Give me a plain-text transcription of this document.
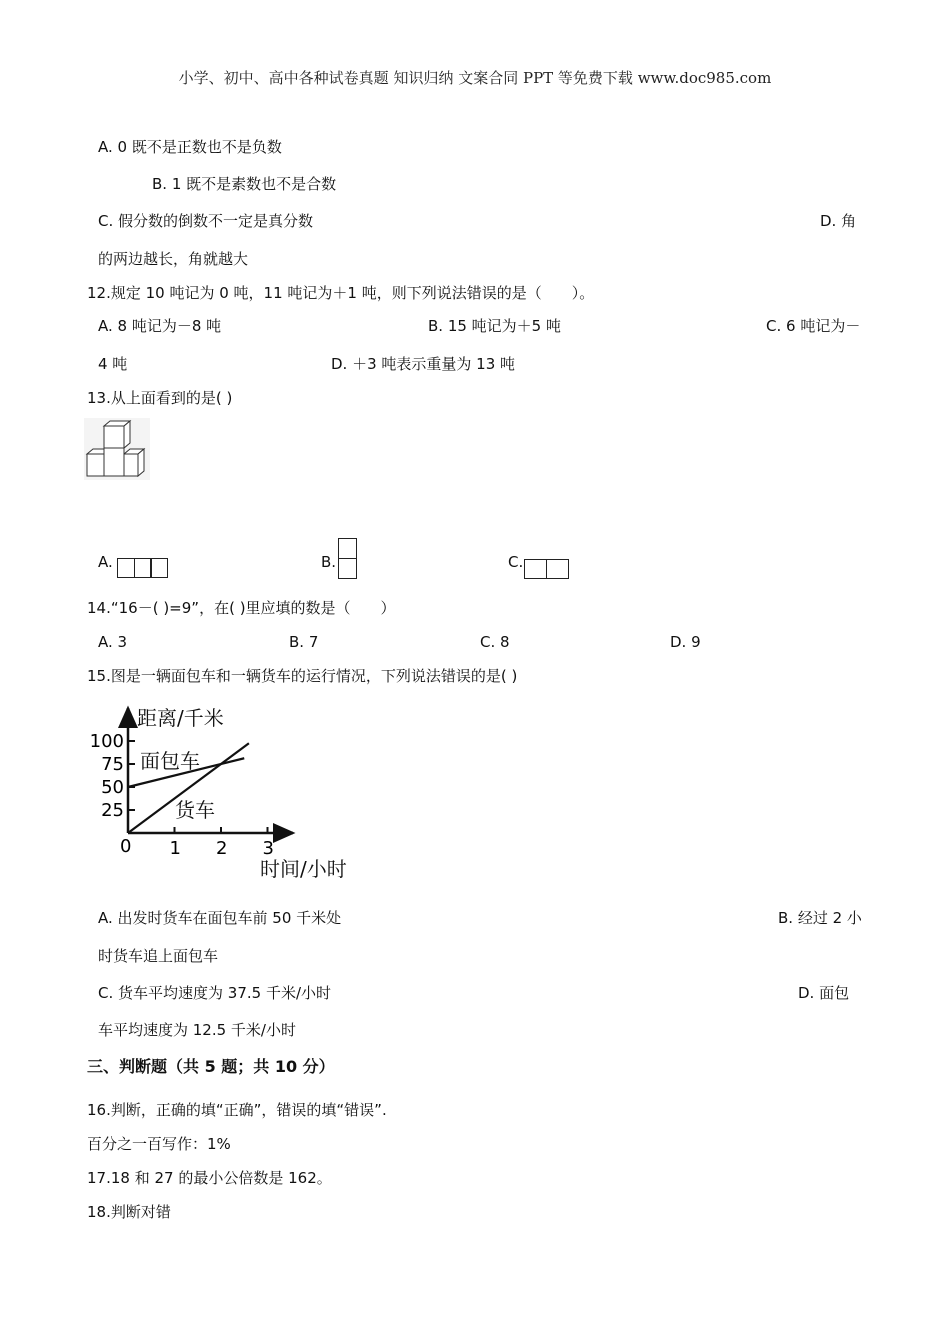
小学、初中、高中各种试卷真题 知识归纳 文案合同 PPT 等免费下载 www.doc985.com
A. 0 既不是正数也不是负数
B. 1 既不是素数也不是合数
C. 假分数的倒数不一定是真分数	D. 角
的两边越长，角就越大
12.规定 10 吨记为 0 吨，11 吨记为＋1 吨，则下列说法错误的是（　　）。
A. 8 吨记为－8 吨	B. 15 吨记为＋5 吨	C. 6 吨记为－
4 吨	D. ＋3 吨表示重量为 13 吨
13.从上面看到的是( )
A.	B.	C.
14.“16－( )=9”，在( )里应填的数是（　　）
A. 3	B. 7	C. 8	D. 9
15.图是一辆面包车和一辆货车的运行情况，下列说法错误的是( )
0 1 2 3
25
50
75
100
距离/千米
时间/小时
面包车
货车
A. 出发时货车在面包车前 50 千米处	B. 经过 2 小
时货车追上面包车
C. 货车平均速度为 37.5 千米/小时	D. 面包
车平均速度为 12.5 千米/小时
三、判断题（共 5 题；共 10 分）
16.判断，正确的填“正确”，错误的填“错误”.
百分之一百写作：1%
17.18 和 27 的最小公倍数是 162。
18.判断对错
